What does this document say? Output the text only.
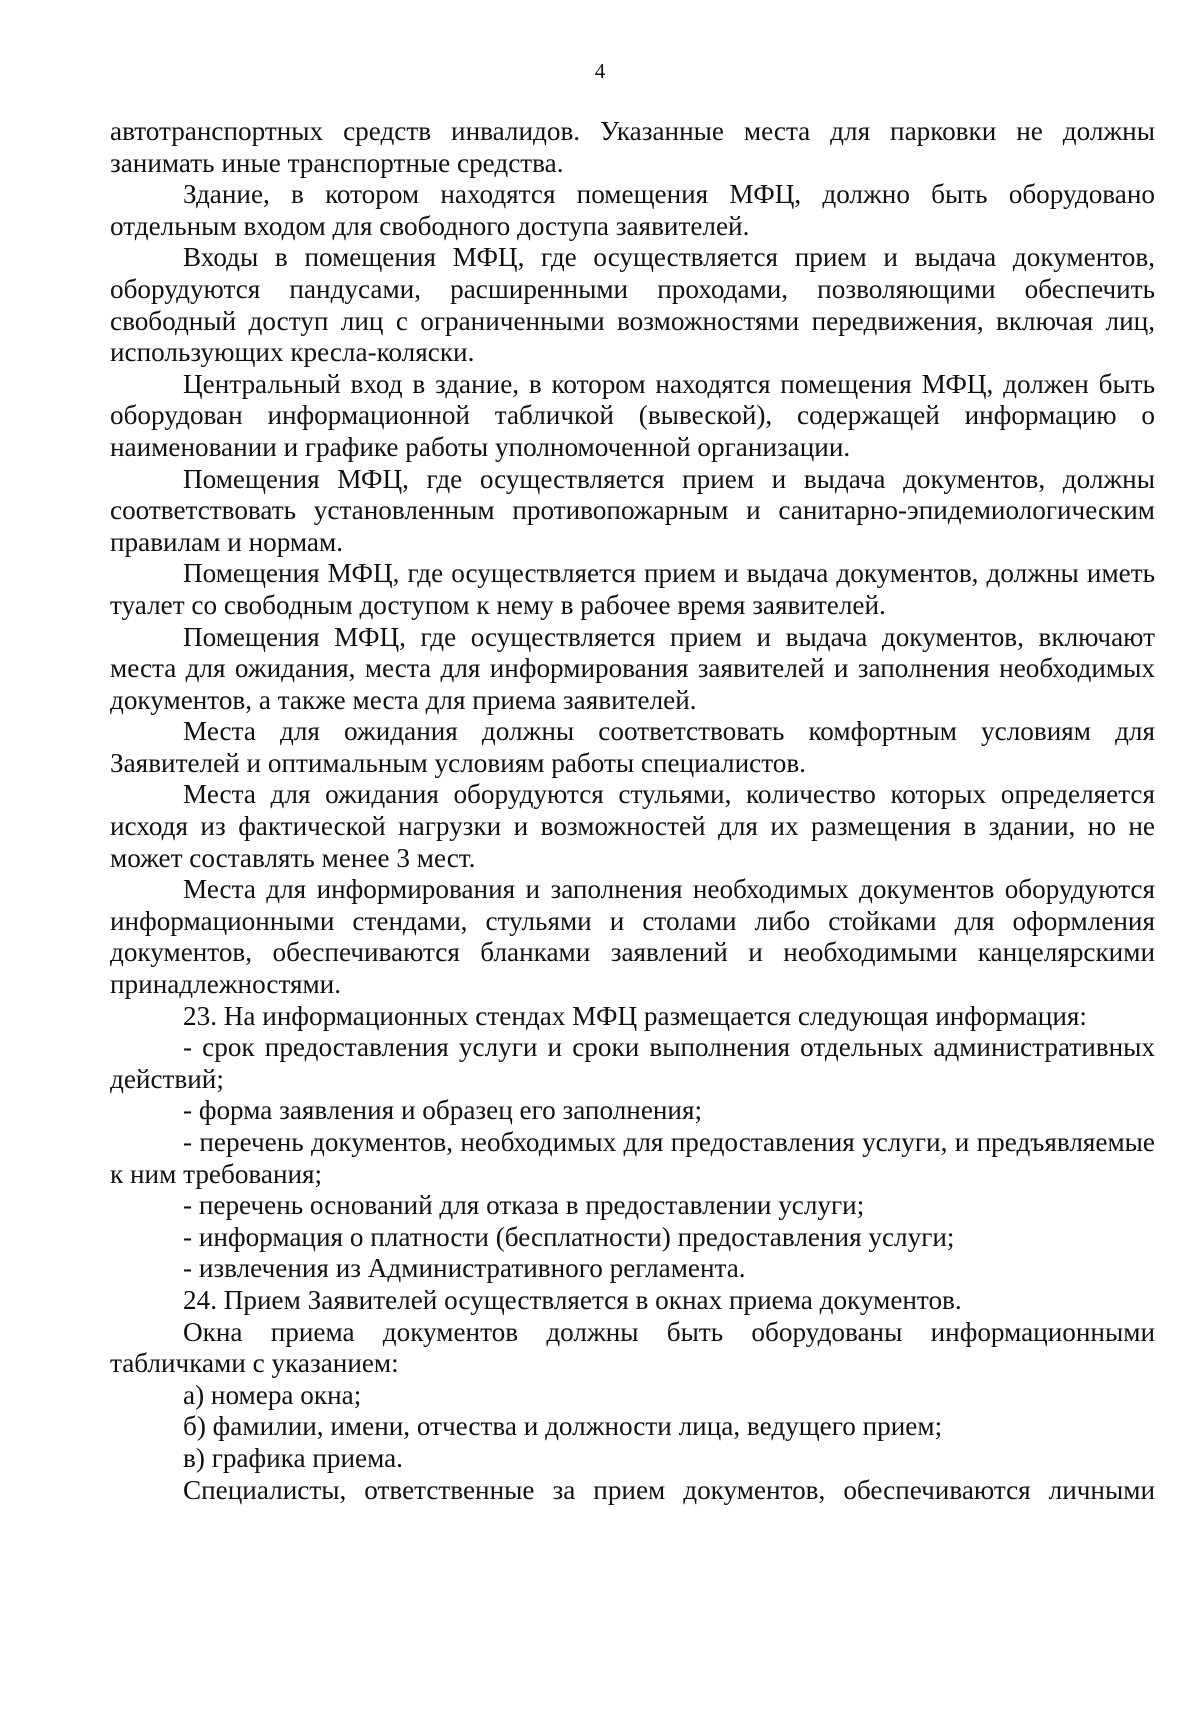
4

автотранспортных средств инвалидов. Указанные места для парковки не должны занимать иные транспортные средства.

Здание, в котором находятся помещения МФЦ, должно быть оборудовано отдельным входом для свободного доступа заявителей.

Входы в помещения МФЦ, где осуществляется прием и выдача документов, оборудуются пандусами, расширенными проходами, позволяющими обеспечить свободный доступ лиц с ограниченными возможностями передвижения, включая лиц, использующих кресла-коляски.

Центральный вход в здание, в котором находятся помещения МФЦ, должен быть оборудован информационной табличкой (вывеской), содержащей информацию о наименовании и графике работы уполномоченной организации.

Помещения МФЦ, где осуществляется прием и выдача документов, должны соответствовать установленным противопожарным и санитарно-эпидемиологическим правилам и нормам.

Помещения МФЦ, где осуществляется прием и выдача документов, должны иметь туалет со свободным доступом к нему в рабочее время заявителей.

Помещения МФЦ, где осуществляется прием и выдача документов, включают места для ожидания, места для информирования заявителей и заполнения необходимых документов, а также места для приема заявителей.

Места для ожидания должны соответствовать комфортным условиям для Заявителей и оптимальным условиям работы специалистов.

Места для ожидания оборудуются стульями, количество которых определяется исходя из фактической нагрузки и возможностей для их размещения в здании, но не может составлять менее 3 мест.

Места для информирования и заполнения необходимых документов оборудуются информационными стендами, стульями и столами либо стойками для оформления документов, обеспечиваются бланками заявлений и необходимыми канцелярскими принадлежностями.

23. На информационных стендах МФЦ размещается следующая информация:

- срок предоставления услуги и сроки выполнения отдельных административных действий;

- форма заявления и образец его заполнения;

- перечень документов, необходимых для предоставления услуги, и предъявляемые к ним требования;

- перечень оснований для отказа в предоставлении услуги;

- информация о платности (бесплатности) предоставления услуги;

- извлечения из Административного регламента.

24. Прием Заявителей осуществляется в окнах приема документов.

Окна приема документов должны быть оборудованы информационными табличками с указанием:

а) номера окна;

б) фамилии, имени, отчества и должности лица, ведущего прием;

в) графика приема.

Специалисты, ответственные за прием документов, обеспечиваются личными
